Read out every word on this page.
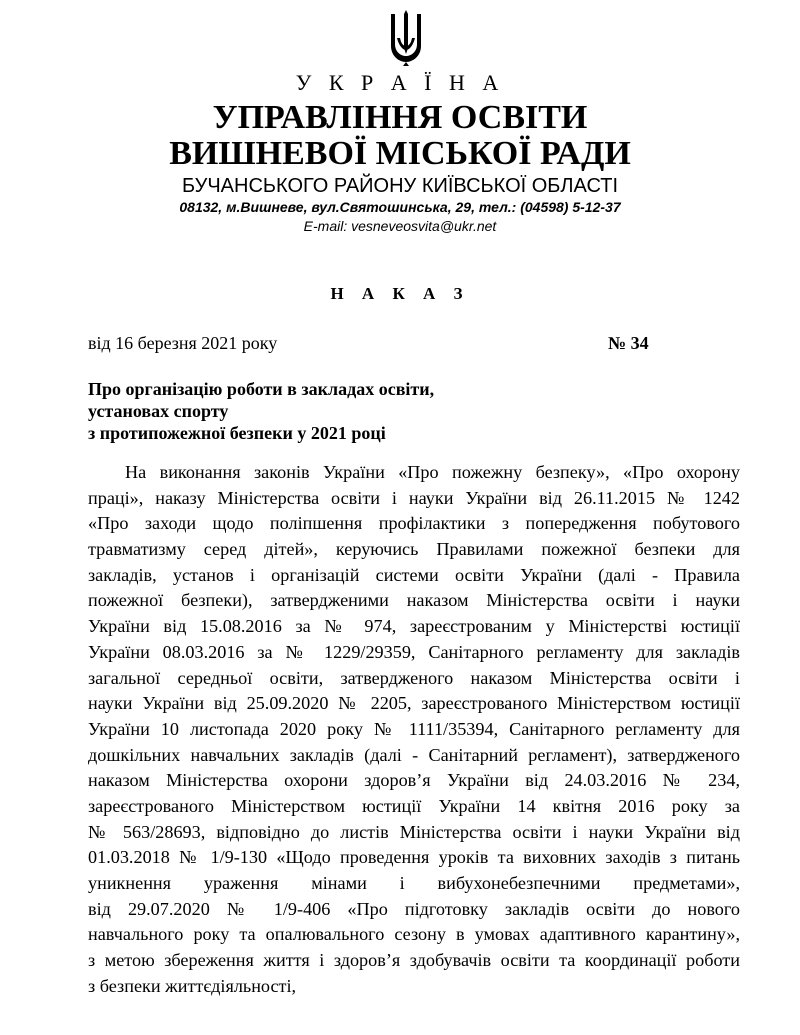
У К Р А Ї Н А
УПРАВЛІННЯ ОСВІТИ
ВИШНЕВОЇ МІСЬКОЇ РАДИ
БУЧАНСЬКОГО РАЙОНУ КИЇВСЬКОЇ ОБЛАСТІ
08132, м.Вишневе, вул.Святошинська, 29, тел.: (04598) 5-12-37
E-mail: vesnevеosvita@ukr.net
Н А К А З
від 16 березня 2021 року	№ 34
Про організацію роботи в закладах освіти,
установах спорту
з протипожежної безпеки у 2021 році
На виконання законів України «Про пожежну безпеку», «Про охорону
праці», наказу Міністерства освіти і науки України від 26.11.2015 № 1242
«Про заходи щодо поліпшення профілактики з попередження побутового
травматизму серед дітей», керуючись Правилами пожежної безпеки для
закладів, установ і організацій системи освіти України (далі - Правила
пожежної безпеки), затвердженими наказом Міністерства освіти і науки
України від 15.08.2016 за № 974, зареєстрованим у Міністерстві юстиції
України 08.03.2016 за № 1229/29359, Санітарного регламенту для закладів
загальної середньої освіти, затвердженого наказом Міністерства освіти і
науки України від 25.09.2020 № 2205, зареєстрованого Міністерством юстиції
України 10 листопада 2020 року № 1111/35394, Санітарного регламенту для
дошкільних навчальних закладів (далі - Санітарний регламент), затвердженого
наказом Міністерства охорони здоров’я України від 24.03.2016 № 234,
зареєстрованого Міністерством юстиції України 14 квітня 2016 року за
№ 563/28693, відповідно до листів Міністерства освіти і науки України від
01.03.2018 № 1/9-130 «Щодо проведення уроків та виховних заходів з питань
уникнення ураження мінами і вибухонебезпечними предметами»,
від 29.07.2020 № 1/9-406 «Про підготовку закладів освіти до нового
навчального року та опалювального сезону в умовах адаптивного карантину»,
з метою збереження життя і здоров’я здобувачів освіти та координації роботи
з безпеки життєдіяльності,
